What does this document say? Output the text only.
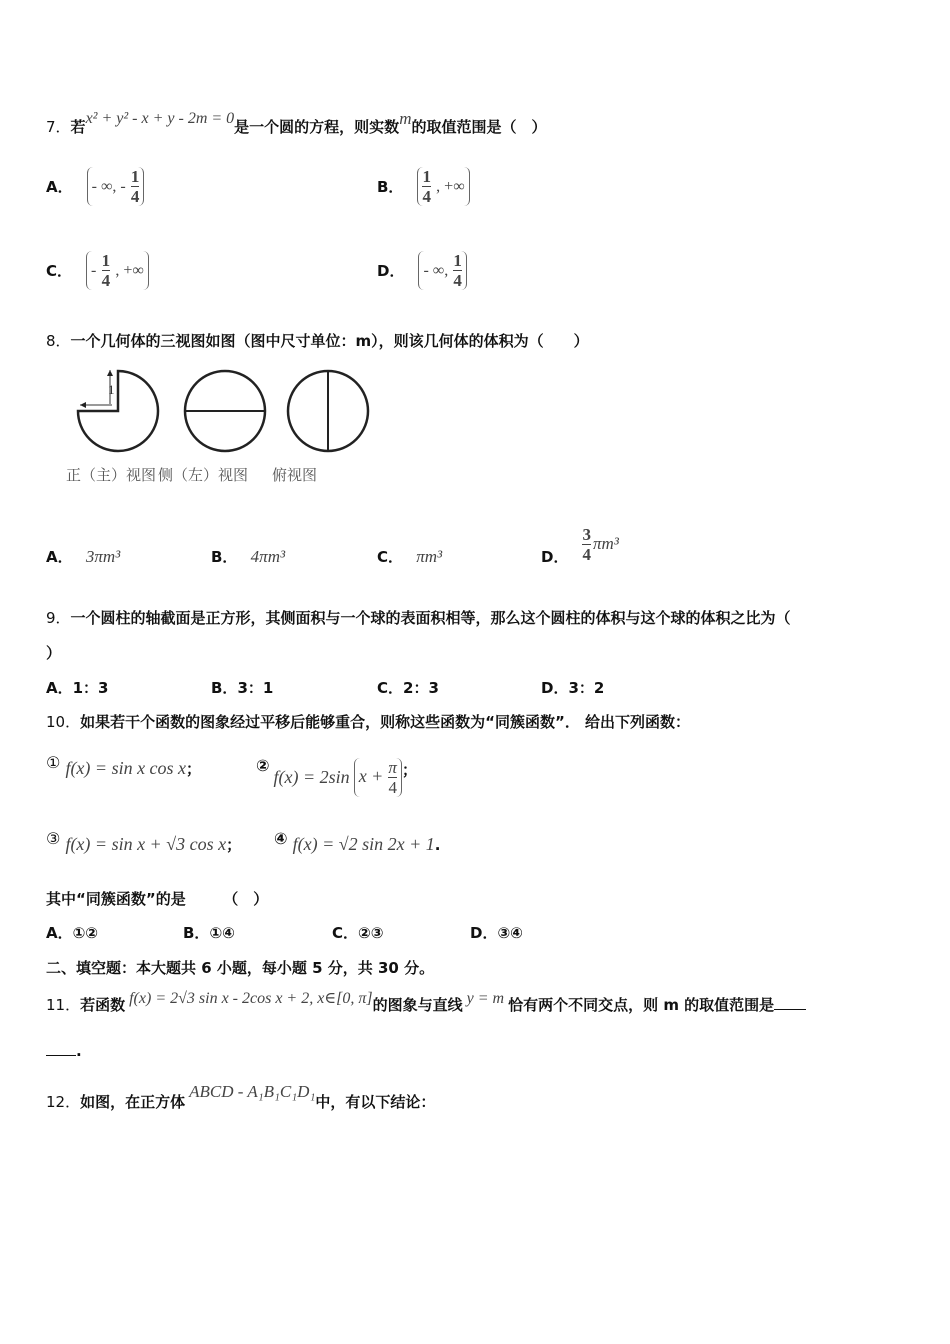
7．若x² + y² - x + y - 2m = 0是一个圆的方程，则实数m的取值范围是（　）
A．	- ∞, - $\frac{1}{4}$	B． $\frac{1}{4}$ , +∞
C．	- $\frac{1}{4}$ , +∞	D．	- ∞, $\frac{1}{4}$
8．一个几何体的三视图如图（图中尺寸单位：m），则该几何体的体积为（　　）
1
正（主）视图 侧（左）视图 俯视图
A． 3πm³	B． 4πm³	C． πm³	D． $\frac{3}{4} \pi m^3$
9．一个圆柱的轴截面是正方形，其侧面积与一个球的表面积相等，那么这个圆柱的体积与这个球的体积之比为（
）
A．1：3	B．3：1	C．2：3	D．3：2
10．如果若干个函数的图象经过平移后能够重合，则称这些函数为“同簇函数”． 给出下列函数：
① f(x) = sin x cos x；	②
f(x) = 2sin $x + \frac{\pi}{4}$ ；
③ f(x) = sin x + √3 cos x； ④ f(x) = √2 sin 2x + 1.
其中“同簇函数”的是　　　（　）
A．①②	B．①④	C．②③	D．③④
二、填空题：本大题共 6 小题，每小题 5 分，共 30 分。
11．若函数 f(x) = 2√3 sin x - 2cos x + 2, x∈[0, π]的图象与直线 y = m 恰有两个不同交点，则 m 的取值范围是
.
12．如图，在正方体ABCD - A₁B₁C₁D₁中，有以下结论：
